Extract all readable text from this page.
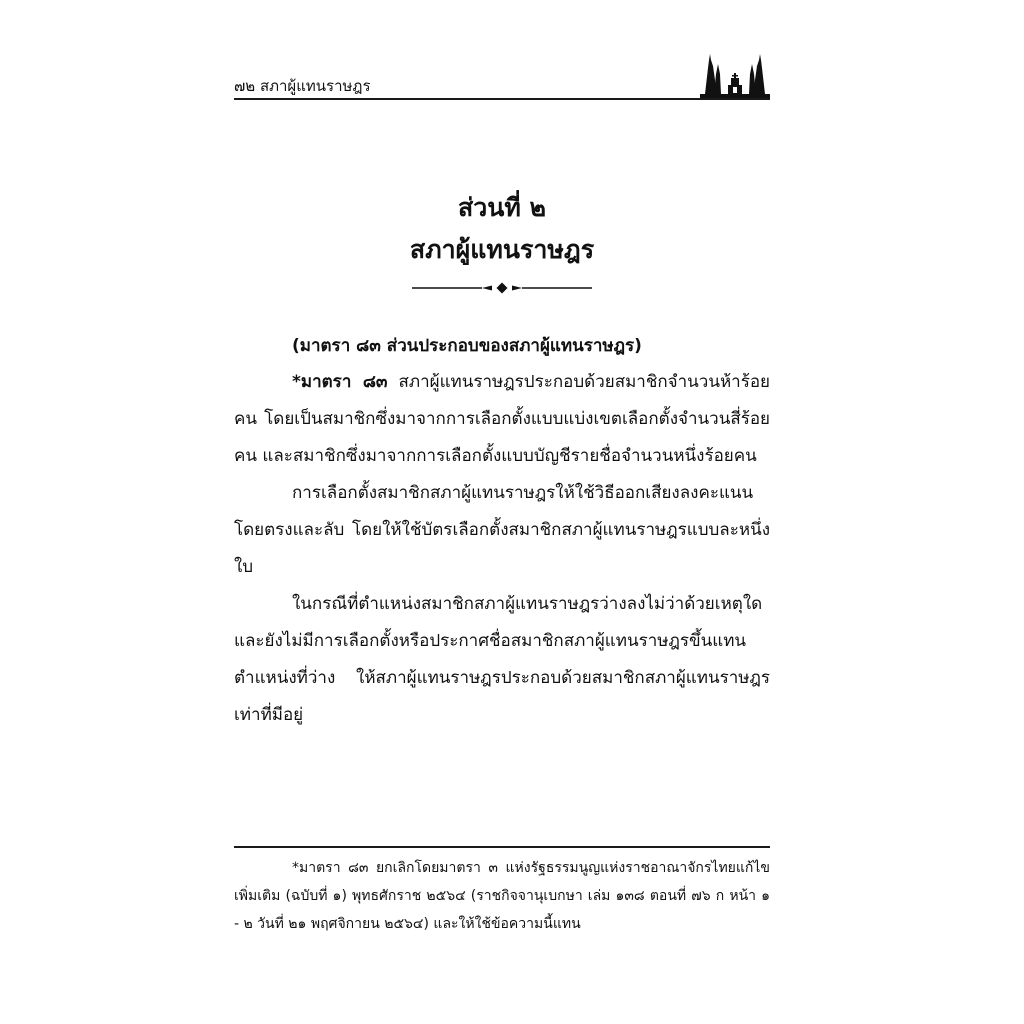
๗๒ สภาผู้แทนราษฎร
ส่วนที่ ๒
สภาผู้แทนราษฎร
(มาตรา ๘๓ ส่วนประกอบของสภาผู้แทนราษฎร)

*มาตรา ๘๓ สภาผู้แทนราษฎรประกอบด้วยสมาชิกจำนวนห้าร้อยคน โดยเป็นสมาชิกซึ่งมาจากการเลือกตั้งแบบแบ่งเขตเลือกตั้งจำนวนสี่ร้อยคน และสมาชิกซึ่งมาจากการเลือกตั้งแบบบัญชีรายชื่อจำนวนหนึ่งร้อยคน

การเลือกตั้งสมาชิกสภาผู้แทนราษฎรให้ใช้วิธีออกเสียงลงคะแนนโดยตรงและลับ โดยให้ใช้บัตรเลือกตั้งสมาชิกสภาผู้แทนราษฎรแบบละหนึ่งใบ

ในกรณีที่ตำแหน่งสมาชิกสภาผู้แทนราษฎรว่างลงไม่ว่าด้วยเหตุใดและยังไม่มีการเลือกตั้งหรือประกาศชื่อสมาชิกสภาผู้แทนราษฎรขึ้นแทนตำแหน่งที่ว่าง ให้สภาผู้แทนราษฎรประกอบด้วยสมาชิกสภาผู้แทนราษฎรเท่าที่มีอยู่

*มาตรา ๘๓ ยกเลิกโดยมาตรา ๓ แห่งรัฐธรรมนูญแห่งราชอาณาจักรไทยแก้ไขเพิ่มเติม (ฉบับที่ ๑) พุทธศักราช ๒๕๖๔ (ราชกิจจานุเบกษา เล่ม ๑๓๘ ตอนที่ ๗๖ ก หน้า ๑ - ๒ วันที่ ๒๑ พฤศจิกายน ๒๕๖๔) และให้ใช้ข้อความนี้แทน
